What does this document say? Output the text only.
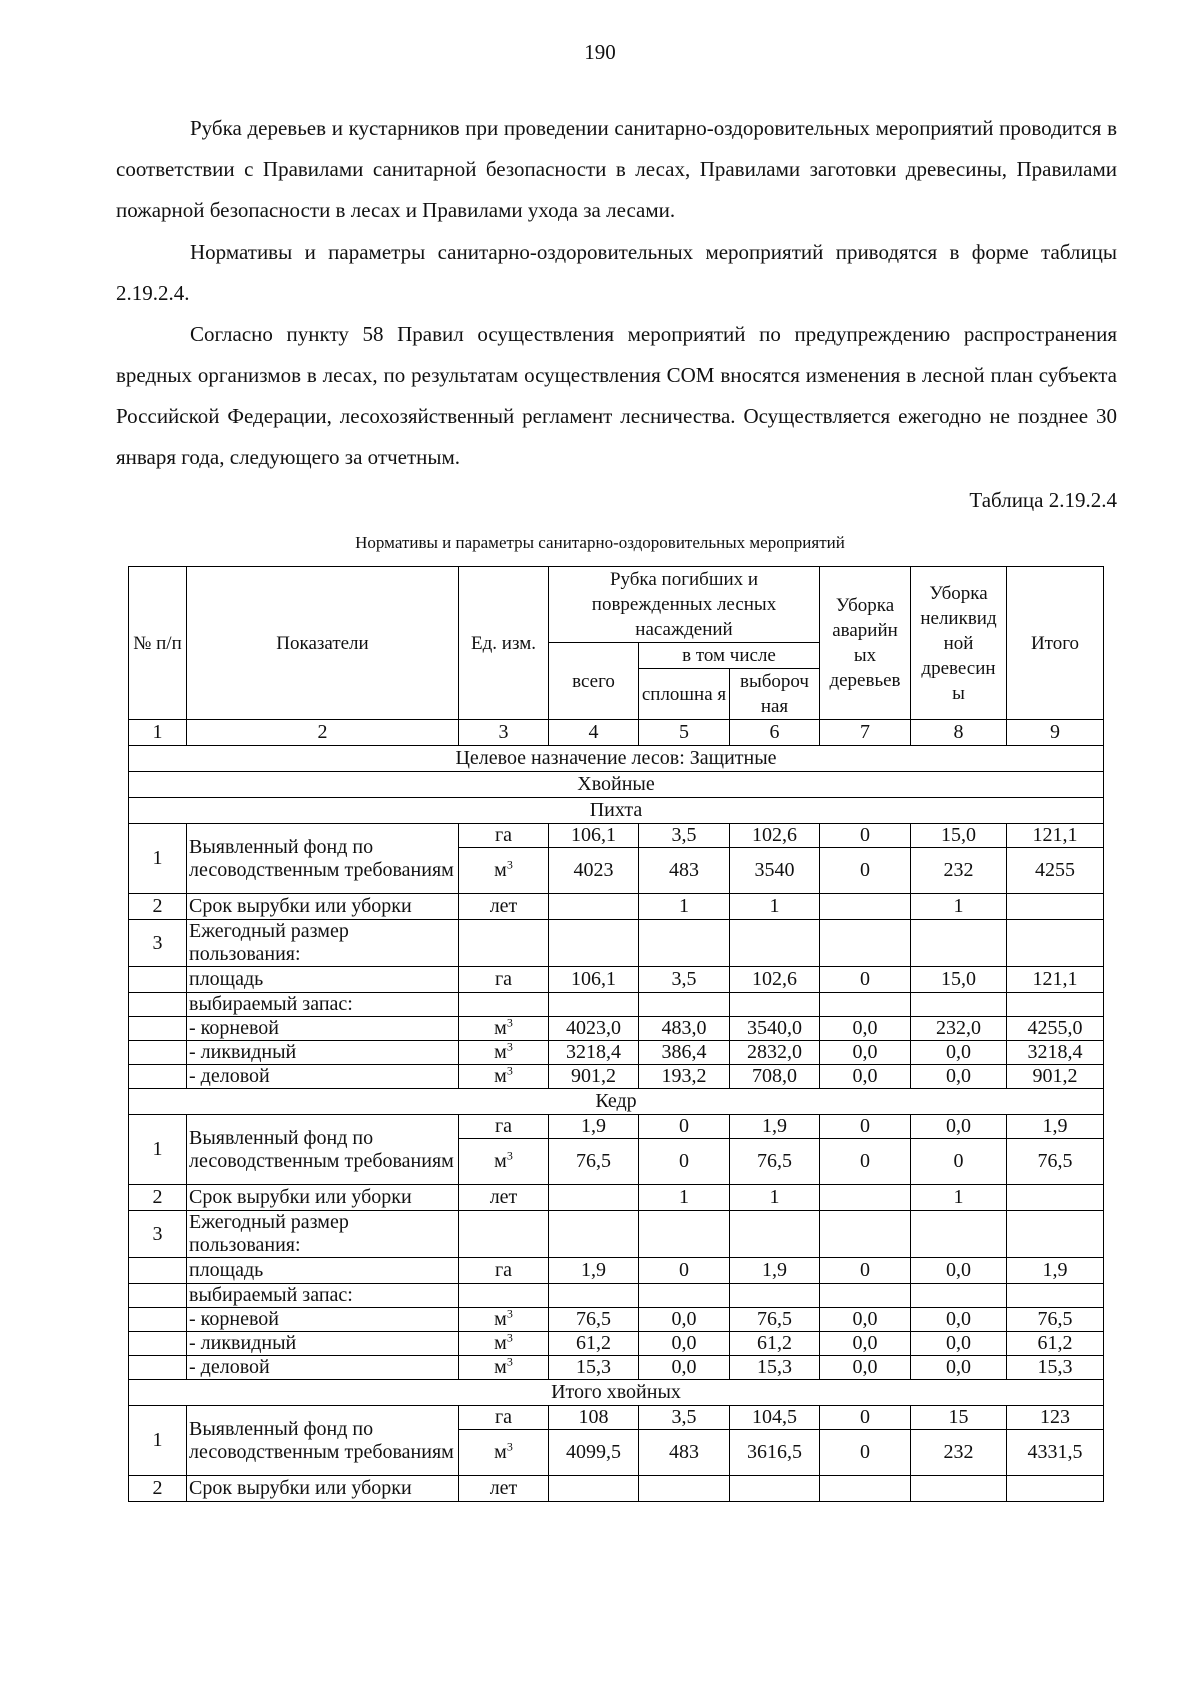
190

Рубка деревьев и кустарников при проведении санитарно-оздоровительных мероприятий проводится в соответствии с Правилами санитарной безопасности в лесах, Правилами заготовки древесины, Правилами пожарной безопасности в лесах и Правилами ухода за лесами.

Нормативы и параметры санитарно-оздоровительных мероприятий приводятся в форме таблицы 2.19.2.4.

Согласно пункту 58 Правил осуществления мероприятий по предупреждению распространения вредных организмов в лесах, по результатам осуществления СОМ вносятся изменения в лесной план субъекта Российской Федерации, лесохозяйственный регламент лесничества. Осуществляется ежегодно не позднее 30 января года, следующего за отчетным.

Таблица 2.19.2.4
Нормативы и параметры санитарно-оздоровительных мероприятий
№ п/п	Показатели	Ед. изм.	Рубка погибших и поврежденных лесных насаждений			Уборка аварийн ых деревьев	Уборка неликвид ной древесин ы	Итого
			всего	в том числе				
				сплошна я	выбороч ная			
1	2	3	4	5	6	7	8	9
Целевое назначение лесов: Защитные								
Хвойные								
Пихта								
1	Выявленный фонд по лесоводственным требованиям	га	106,1	3,5	102,6	0	15,0	121,1
		$м^3$	4023	483	3540	0	232	4255
2	Срок вырубки или уборки	лет		1	1		1	
3	Ежегодный размер пользования:							
	площадь	га	106,1	3,5	102,6	0	15,0	121,1
	выбираемый запас:							
	- корневой	$м^3$	4023,0	483,0	3540,0	0,0	232,0	4255,0
	- ликвидный	$м^3$	3218,4	386,4	2832,0	0,0	0,0	3218,4
	- деловой	$м^3$	901,2	193,2	708,0	0,0	0,0	901,2
Кедр								
1	Выявленный фонд по лесоводственным требованиям	га	1,9	0	1,9	0	0,0	1,9
		$м^3$	76,5	0	76,5	0	0	76,5
2	Срок вырубки или уборки	лет		1	1		1	
3	Ежегодный размер пользования:							
	площадь	га	1,9	0	1,9	0	0,0	1,9
	выбираемый запас:							
	- корневой	$м^3$	76,5	0,0	76,5	0,0	0,0	76,5
	- ликвидный	$м^3$	61,2	0,0	61,2	0,0	0,0	61,2
	- деловой	$м^3$	15,3	0,0	15,3	0,0	0,0	15,3
Итого хвойных								
1	Выявленный фонд по лесоводственным требованиям	га	108	3,5	104,5	0	15	123
		$м^3$	4099,5	483	3616,5	0	232	4331,5
2	Срок вырубки или уборки	лет						
